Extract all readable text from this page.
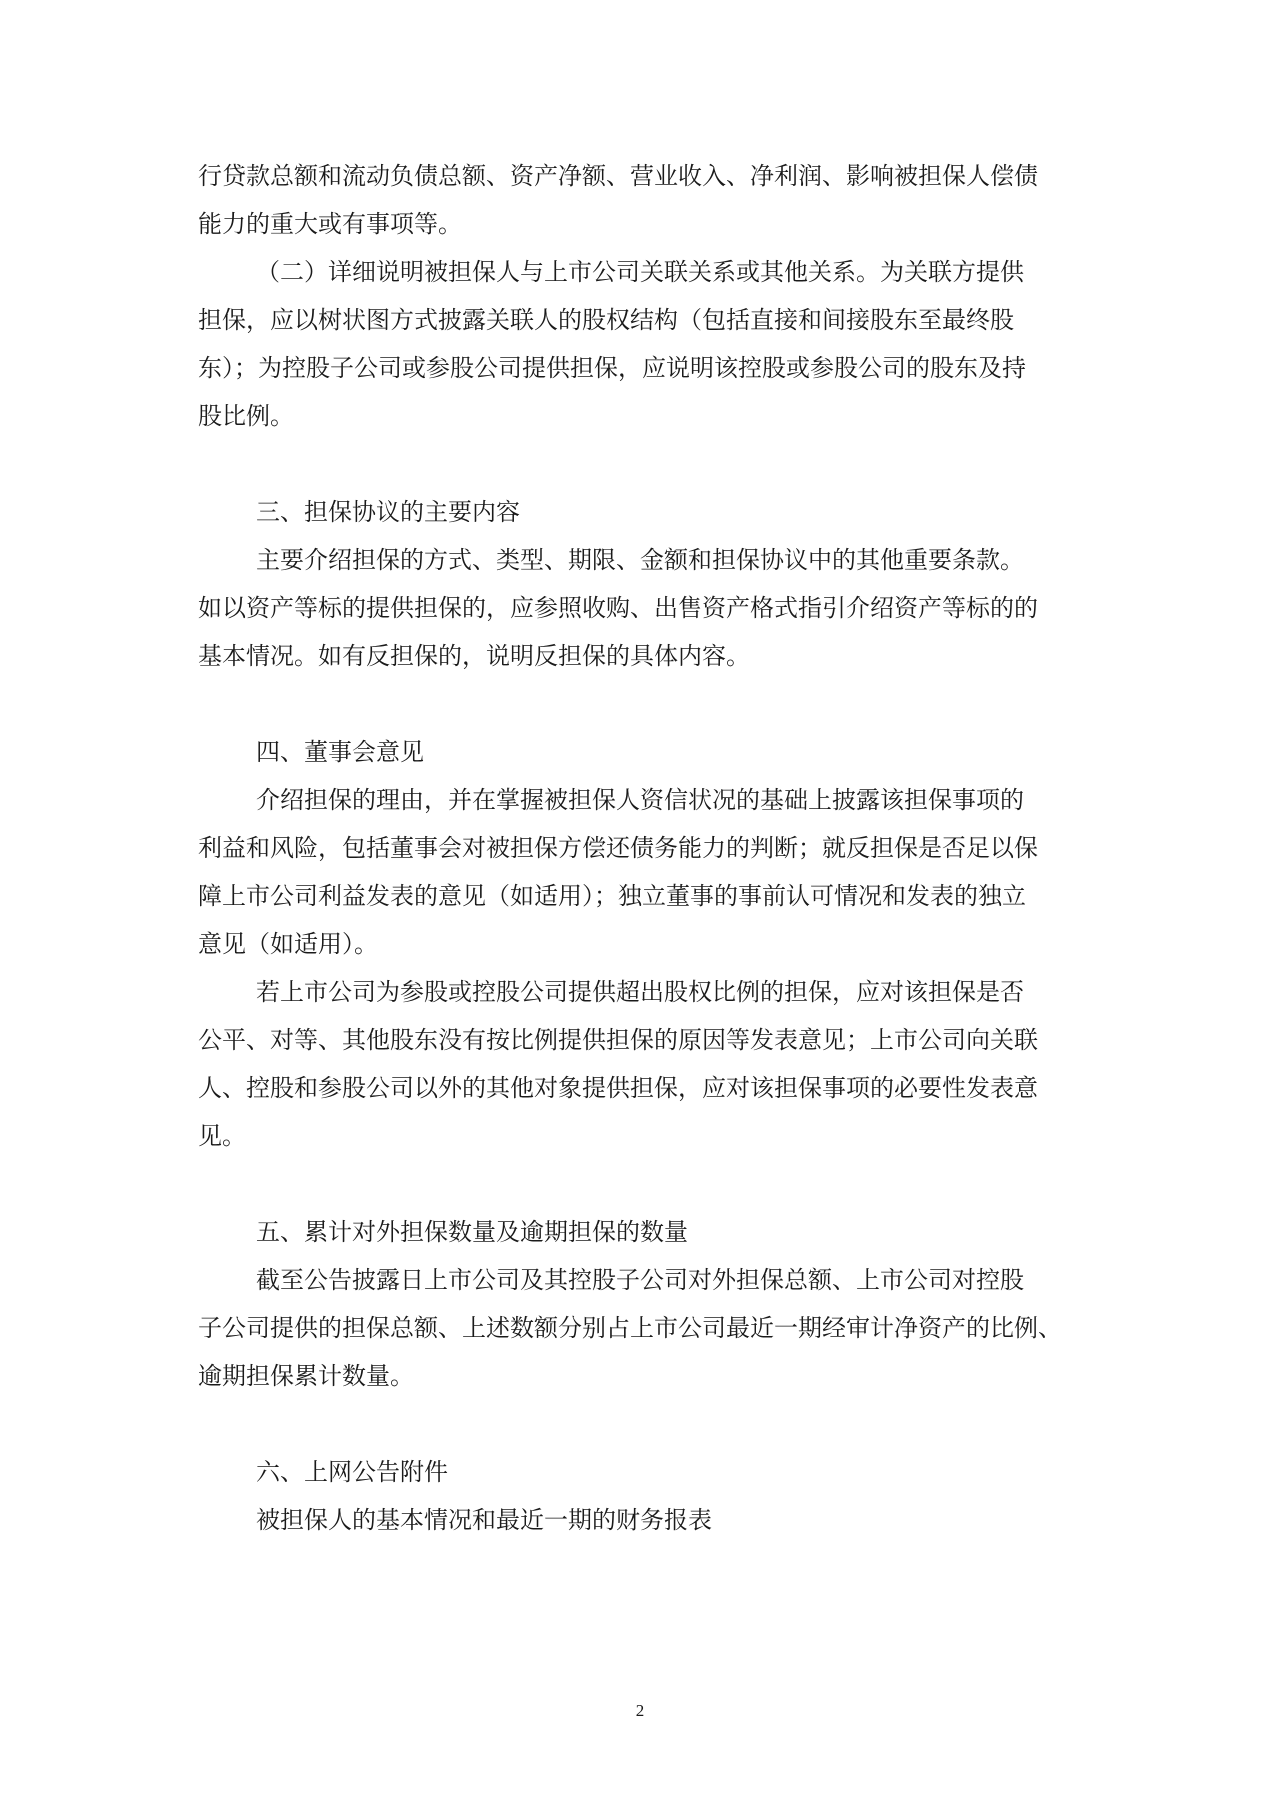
行贷款总额和流动负债总额、资产净额、营业收入、净利润、影响被担保人偿债

能力的重大或有事项等。

（二）详细说明被担保人与上市公司关联关系或其他关系。为关联方提供

担保，应以树状图方式披露关联人的股权结构（包括直接和间接股东至最终股

东）；为控股子公司或参股公司提供担保，应说明该控股或参股公司的股东及持

股比例。

三、担保协议的主要内容

主要介绍担保的方式、类型、期限、金额和担保协议中的其他重要条款。

如以资产等标的提供担保的，应参照收购、出售资产格式指引介绍资产等标的的

基本情况。如有反担保的，说明反担保的具体内容。

四、董事会意见

介绍担保的理由，并在掌握被担保人资信状况的基础上披露该担保事项的

利益和风险，包括董事会对被担保方偿还债务能力的判断；就反担保是否足以保

障上市公司利益发表的意见（如适用）；独立董事的事前认可情况和发表的独立

意见（如适用）。

若上市公司为参股或控股公司提供超出股权比例的担保，应对该担保是否

公平、对等、其他股东没有按比例提供担保的原因等发表意见；上市公司向关联

人、控股和参股公司以外的其他对象提供担保，应对该担保事项的必要性发表意

见。

五、累计对外担保数量及逾期担保的数量

截至公告披露日上市公司及其控股子公司对外担保总额、上市公司对控股

子公司提供的担保总额、上述数额分别占上市公司最近一期经审计净资产的比例、

逾期担保累计数量。

六、上网公告附件

被担保人的基本情况和最近一期的财务报表

2
